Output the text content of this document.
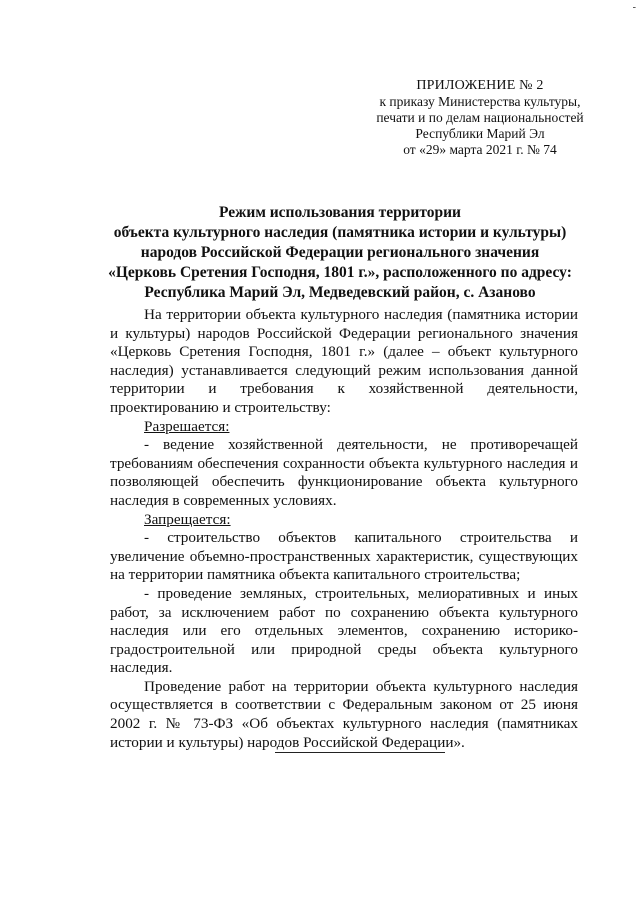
-
ПРИЛОЖЕНИЕ № 2
к приказу Министерства культуры,
печати и по делам национальностей
Республики Марий Эл
от «29» марта 2021 г. № 74
Режим использования территории
объекта культурного наследия (памятника истории и культуры)
народов Российской Федерации регионального значения
«Церковь Сретения Господня, 1801 г.», расположенного по адресу:
Республика Марий Эл, Медведевский район, с. Азаново

На территории объекта культурного наследия (памятника истории и культуры) народов Российской Федерации регионального значения «Церковь Сретения Господня, 1801 г.» (далее – объект культурного наследия) устанавливается следующий режим использования данной территории и требования к хозяйственной деятельности, проектированию и строительству:

Разрешается:

- ведение хозяйственной деятельности, не противоречащей требованиям обеспечения сохранности объекта культурного наследия и позволяющей обеспечить функционирование объекта культурного наследия в современных условиях.

Запрещается:

- строительство объектов капитального строительства и увеличение объемно-пространственных характеристик, существующих на территории памятника объекта капитального строительства;

- проведение земляных, строительных, мелиоративных и иных работ, за исключением работ по сохранению объекта культурного наследия или его отдельных элементов, сохранению историко-градостроительной или природной среды объекта культурного наследия.

Проведение работ на территории объекта культурного наследия осуществляется в соответствии с Федеральным законом от 25 июня 2002 г. № 73-ФЗ «Об объектах культурного наследия (памятниках истории и культуры) народов Российской Федерации».
